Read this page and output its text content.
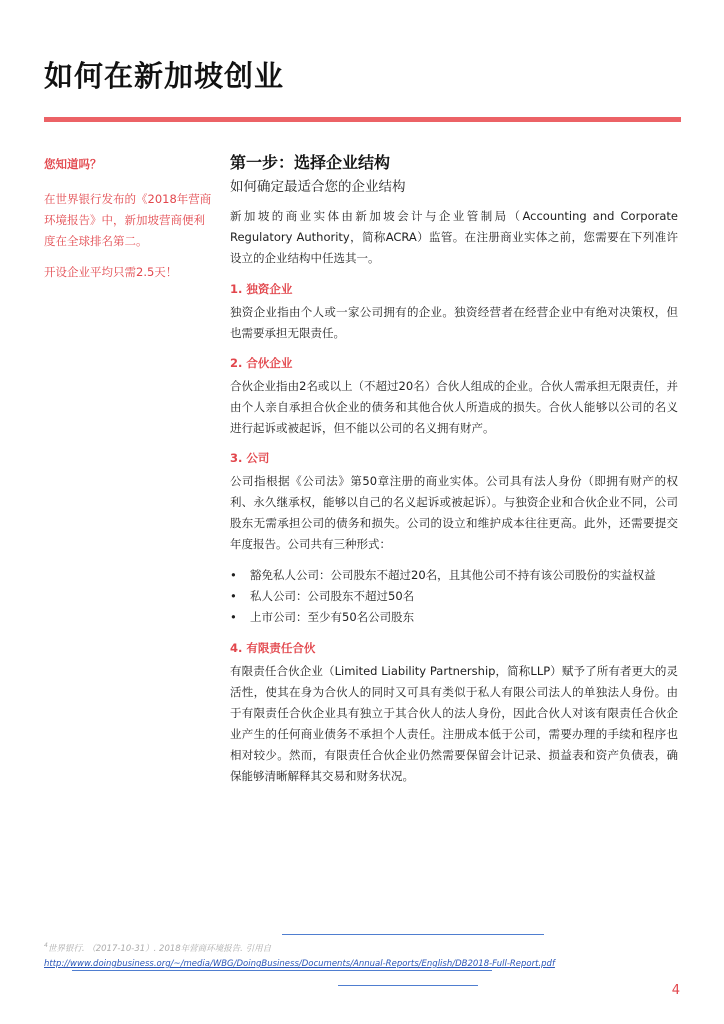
如何在新加坡创业
您知道吗？

在世界银行发布的《2018年营商环境报告》中，新加坡营商便利度在全球排名第二。

开设企业平均只需2.5天！

第一步：选择企业结构
如何确定最适合您的企业结构

新加坡的商业实体由新加坡会计与企业管制局（Accounting and Corporate Regulatory Authority，简称ACRA）监管。在注册商业实体之前，您需要在下列准许设立的企业结构中任选其一。

1. 独资企业

独资企业指由个人或一家公司拥有的企业。独资经营者在经营企业中有绝对决策权，但也需要承担无限责任。

2. 合伙企业

合伙企业指由2名或以上（不超过20名）合伙人组成的企业。合伙人需承担无限责任，并由个人亲自承担合伙企业的债务和其他合伙人所造成的损失。合伙人能够以公司的名义进行起诉或被起诉，但不能以公司的名义拥有财产。

3. 公司

公司指根据《公司法》第50章注册的商业实体。公司具有法人身份（即拥有财产的权利、永久继承权，能够以自己的名义起诉或被起诉）。与独资企业和合伙企业不同，公司股东无需承担公司的债务和损失。公司的设立和维护成本往往更高。此外，还需要提交年度报告。公司共有三种形式：

• 豁免私人公司：公司股东不超过20名，且其他公司不持有该公司股份的实益权益
• 私人公司：公司股东不超过50名
• 上市公司：至少有50名公司股东
4. 有限责任合伙

有限责任合伙企业（Limited Liability Partnership，简称LLP）赋予了所有者更大的灵活性，使其在身为合伙人的同时又可具有类似于私人有限公司法人的单独法人身份。由于有限责任合伙企业具有独立于其合伙人的法人身份，因此合伙人对该有限责任合伙企业产生的任何商业债务不承担个人责任。注册成本低于公司，需要办理的手续和程序也相对较少。然而，有限责任合伙企业仍然需要保留会计记录、损益表和资产负债表，确保能够清晰解释其交易和财务状况。

$^4$世界银行. （2017-10-31）. 2018年营商环境报告. 引用自http://www.doingbusiness.org/~/media/WBG/DoingBusiness/Documents/Annual-Reports/English/DB2018-Full-Report.pdf
4
